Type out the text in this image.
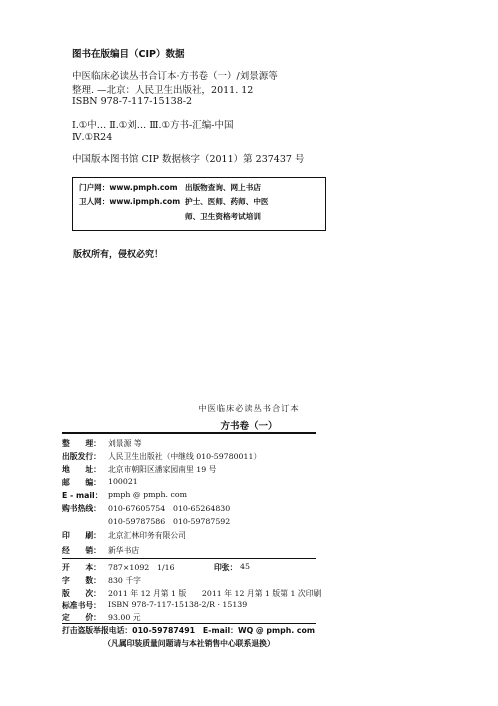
图书在版编目（CIP）数据
中医临床必读丛书合订本·方书卷（一）/刘景源等
整理. —北京：人民卫生出版社，2011. 12
ISBN 978-7-117-15138-2
Ⅰ.①中… Ⅱ.①刘… Ⅲ.①方书-汇编-中国
Ⅳ.①R24
中国版本图书馆 CIP 数据核字（2011）第 237437 号
门户网：www.pmph.com 出版物查询、网上书店
卫人网：www.ipmph.com 护士、医师、药师、中医
师、卫生资格考试培训
版权所有，侵权必究！
中医临床必读丛书合订本
方书卷（一）
整　　理： 刘景源 等
出版发行： 人民卫生出版社（中继线 010-59780011）
地　　址： 北京市朝阳区潘家园南里 19 号
邮　　编： 100021
E - mail： pmph @ pmph. com
购书热线： 010-67605754　010-65264830
010-59787586　010-59787592
印　　刷： 北京汇林印务有限公司
经　　销： 新华书店
开　　本： 787×1092　1/16	印张： 45
字　　数： 830 千字
版　　次： 2011 年 12 月第 1 版　　2011 年 12 月第 1 版第 1 次印刷
标准书号： ISBN 978-7-117-15138-2/R · 15139
定　　价： 93.00 元
打击盗版举报电话：010-59787491　E-mail：WQ @ pmph. com
（凡属印装质量问题请与本社销售中心联系退换）
